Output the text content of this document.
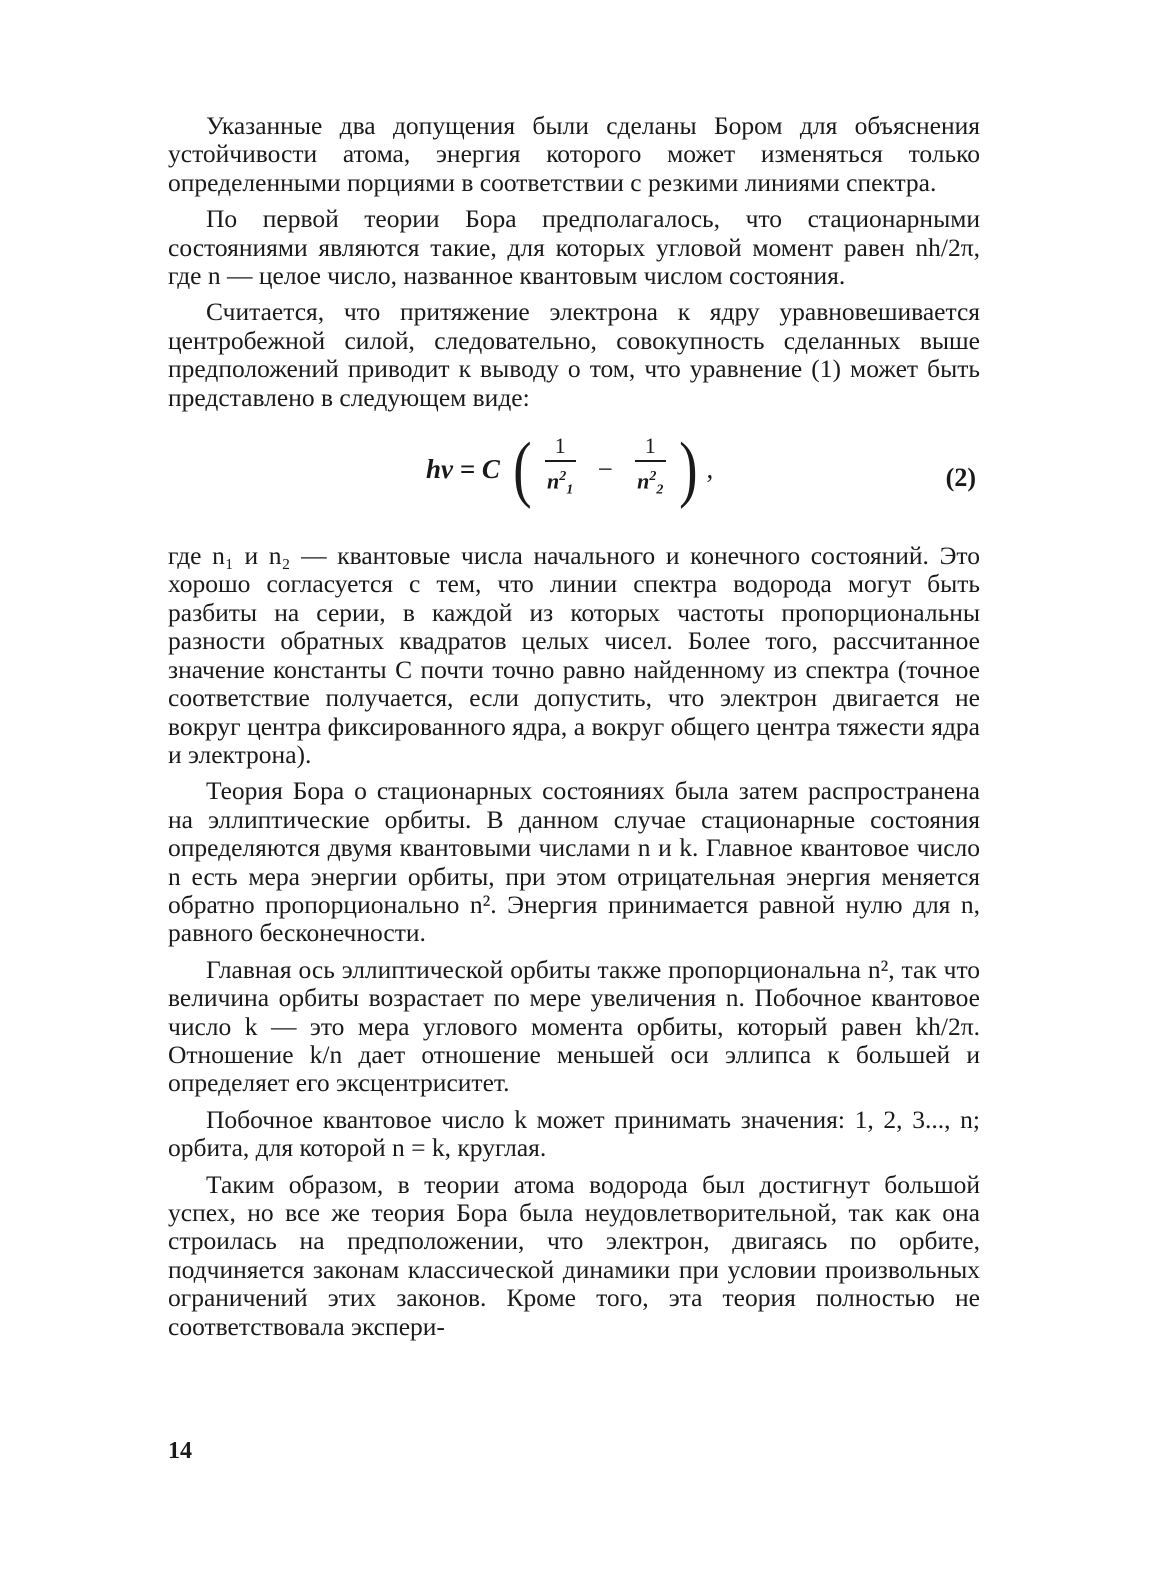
Указанные два допущения были сделаны Бором для объяснения устойчивости атома, энергия которого может изменяться только определенными порциями в соответствии с резкими линиями спектра.

По первой теории Бора предполагалось, что стационарными состояниями являются такие, для которых угловой момент равен nh/2π, где n — целое число, названное квантовым числом состояния.

Считается, что притяжение электрона к ядру уравновешивается центробежной силой, следовательно, совокупность сделанных выше предположений приводит к выводу о том, что уравнение (1) может быть представлено в следующем виде:

hν = C ( $\frac{1}{n^2_1} - \frac{1}{n^2_2}$ ) ,	(2)

где n₁ и n₂ — квантовые числа начального и конечного состояний. Это хорошо согласуется с тем, что линии спектра водорода могут быть разбиты на серии, в каждой из которых частоты пропорциональны разности обратных квадратов целых чисел. Более того, рассчитанное значение константы C почти точно равно найденному из спектра (точное соответствие получается, если допустить, что электрон двигается не вокруг центра фиксированного ядра, а вокруг общего центра тяжести ядра и электрона).

Теория Бора о стационарных состояниях была затем распространена на эллиптические орбиты. В данном случае стационарные состояния определяются двумя квантовыми числами n и k. Главное квантовое число n есть мера энергии орбиты, при этом отрицательная энергия меняется обратно пропорционально n². Энергия принимается равной нулю для n, равного бесконечности.

Главная ось эллиптической орбиты также пропорциональна n², так что величина орбиты возрастает по мере увеличения n. Побочное квантовое число k — это мера углового момента орбиты, который равен kh/2π. Отношение k/n дает отношение меньшей оси эллипса к большей и определяет его эксцентриситет.

Побочное квантовое число k может принимать значения: 1, 2, 3..., n; орбита, для которой n = k, круглая.

Таким образом, в теории атома водорода был достигнут большой успех, но все же теория Бора была неудовлетворительной, так как она строилась на предположении, что электрон, двигаясь по орбите, подчиняется законам классической динамики при условии произвольных ограничений этих законов. Кроме того, эта теория полностью не соответствовала экспери-

14
